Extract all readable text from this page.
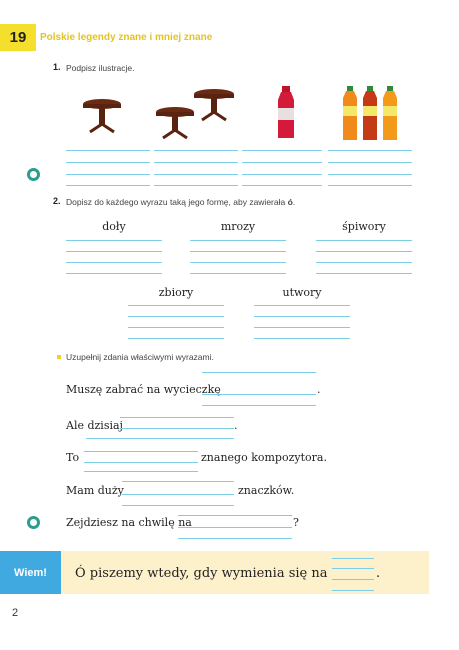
19	Polskie legendy znane i mniej znane
1. Podpisz ilustracje.
2. Dopisz do każdego wyrazu taką jego formę, aby zawierała ó.
doły	mrozy	śpiwory
zbiory	utwory
Uzupełnij zdania właściwymi wyrazami.
Muszę zabrać na wycieczkę	.
Ale dzisiaj	.
To	znanego kompozytora.
Mam duży	znaczków.
Zejdziesz na chwilę na	?
Wiem!	Ó piszemy wtedy, gdy wymienia się na	.
2
